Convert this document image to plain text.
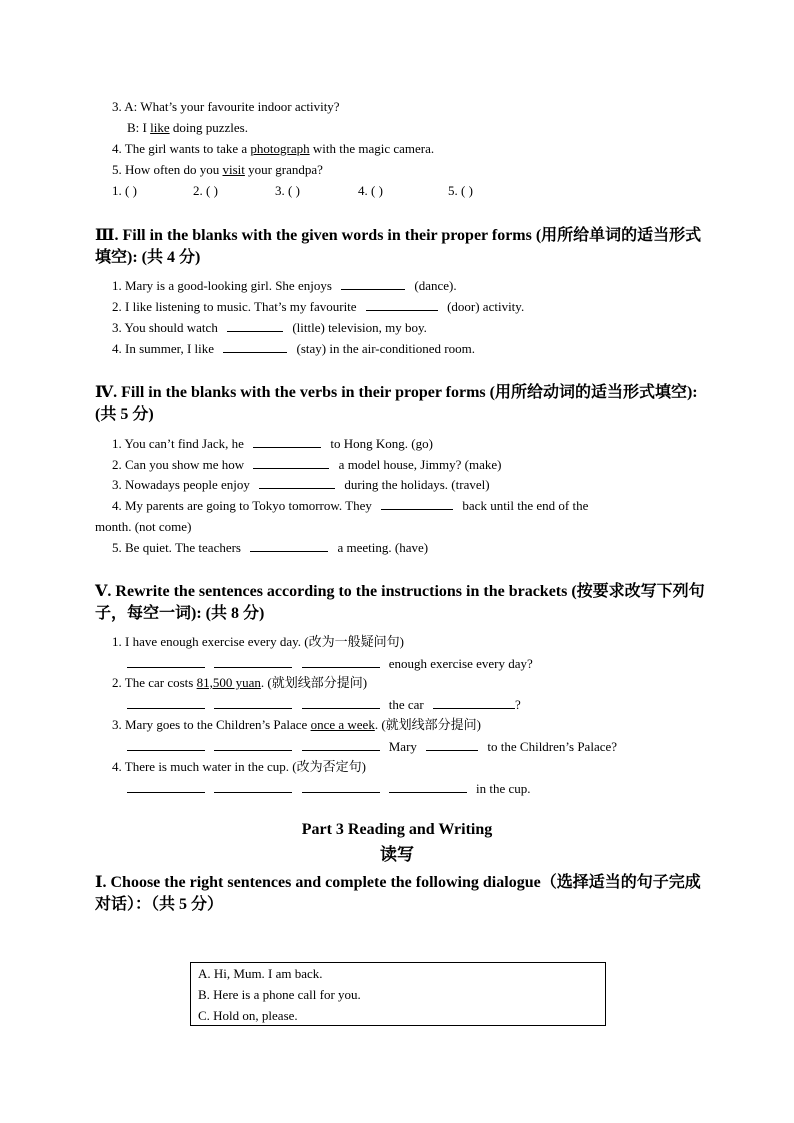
3. A: What’s your favourite indoor activity?
B: I like doing puzzles.
4. The girl wants to take a photograph with the magic camera.
5. How often do you visit your grandpa?
1. ( )	2. ( )	3. ( )	4. ( )	5. ( )
Ⅲ. Fill in the blanks with the given words in their proper forms (用所给单词的适当形式填空): (共 4 分)
1. Mary is a good-looking girl. She enjoys	(dance).
2. I like listening to music. That’s my favourite	(door) activity.
3. You should watch	(little) television, my boy.
4. In summer, I like	(stay) in the air-conditioned room.
Ⅳ. Fill in the blanks with the verbs in their proper forms (用所给动词的适当形式填空): (共 5 分)
1. You can’t find Jack, he	to Hong Kong. (go)
2. Can you show me how	a model house, Jimmy? (make)
3. Nowadays people enjoy	during the holidays. (travel)
4. My parents are going to Tokyo tomorrow. They	back until the end of the
month. (not come)
5. Be quiet. The teachers	a meeting. (have)
Ⅴ. Rewrite the sentences according to the instructions in the brackets (按要求改写下列句子，每空一词): (共 8 分)
1. I have enough exercise every day. (改为一般疑问句)
enough exercise every day?
2. The car costs 81,500 yuan. (就划线部分提问)
the car	?
3. Mary goes to the Children’s Palace once a week. (就划线部分提问)
Mary	to the Children’s Palace?
4. There is much water in the cup. (改为否定句)
in the cup.
Part 3 Reading and Writing
读写
Ⅰ. Choose the right sentences and complete the following dialogue（选择适当的句子完成对话）：（共 5 分）
A. Hi, Mum. I am back.
B. Here is a phone call for you.
C. Hold on, please.
